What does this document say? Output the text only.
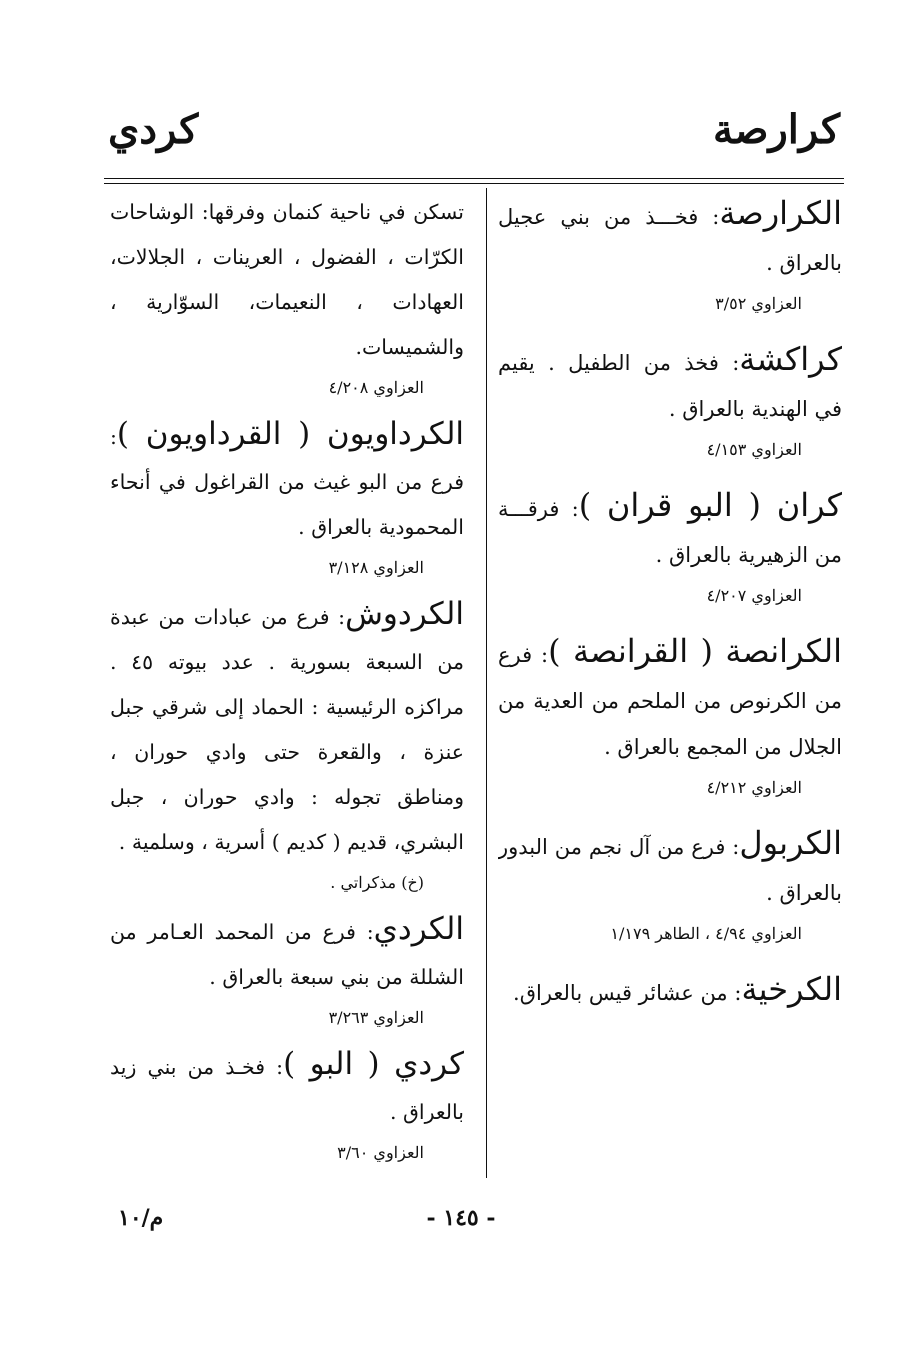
كرارصة
كردي

الكرارصة: فخـــذ من بني عجيل بالعراق .

العزاوي ٣/٥٢

كراكشة: فخذ من الطفيل . يقيم في الهندية بالعراق .

العزاوي ٤/١٥٣

كران ( البو قران ): فرقـــة من الزهيرية بالعراق .

العزاوي ٤/٢٠٧

الكرانصة ( القرانصة ): فرع من الكرنوص من الملحم من العدية من الجلال من المجمع بالعراق .

العزاوي ٤/٢١٢

الكربول: فرع من آل نجم من البدور بالعراق .

العزاوي ٤/٩٤ ، الطاهر ١/١٧٩

الكرخية: من عشائر قيس بالعراق.

تسكن في ناحية كنمان وفرقها: الوشاحات الكرّات ، الفضول ، العرينات ، الجلالات، العهادات ، النعيمات، السوّارية ، والشميسات.

العزاوي ٤/٢٠٨

الكرداويون ( القرداويون ): فرع من البو غيث من القراغول في أنحاء المحمودية بالعراق .

العزاوي ٣/١٢٨

الكردوش: فرع من عبادات من عبدة من السبعة بسورية . عدد بيوته ٤٥ . مراكزه الرئيسية : الحماد إلى شرقي جبل عنزة ، والقعرة حتى وادي حوران ، ومناطق تجوله : وادي حوران ، جبل البشري، قديم ( كديم ) أسرية ، وسلمية .

(خ) مذكراتي .

الكردي: فرع من المحمد العـامر من الشللة من بني سبعة بالعراق .

العزاوي ٣/٢٦٣

كردي ( البو ): فخـذ من بني زيد بالعراق .

العزاوي ٣/٦٠
- ١٤٥ -
م/١٠
